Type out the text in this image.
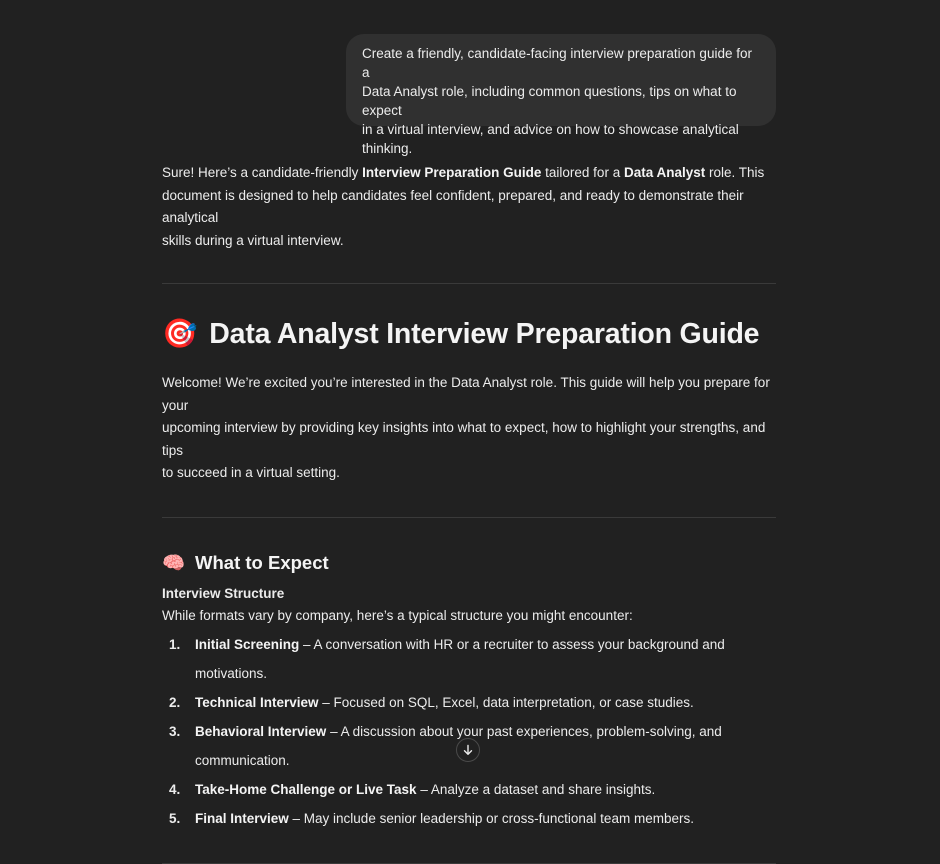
Create a friendly, candidate-facing interview preparation guide for a
Data Analyst role, including common questions, tips on what to expect
in a virtual interview, and advice on how to showcase analytical
thinking.

Sure! Here’s a candidate-friendly Interview Preparation Guide tailored for a Data Analyst role. This
document is designed to help candidates feel confident, prepared, and ready to demonstrate their analytical
skills during a virtual interview.

🎯 Data Analyst Interview Preparation Guide

Welcome! We’re excited you’re interested in the Data Analyst role. This guide will help you prepare for your
upcoming interview by providing key insights into what to expect, how to highlight your strengths, and tips
to succeed in a virtual setting.

🧠 What to Expect

Interview Structure

While formats vary by company, here’s a typical structure you might encounter:

1.	Initial Screening – A conversation with HR or a recruiter to assess your background and motivations.
2.	Technical Interview – Focused on SQL, Excel, data interpretation, or case studies.
3.	Behavioral Interview – A discussion about your past experiences, problem-solving, and communication.
4.	Take-Home Challenge or Live Task – Analyze a dataset and share insights.
5.	Final Interview – May include senior leadership or cross-functional team members.
